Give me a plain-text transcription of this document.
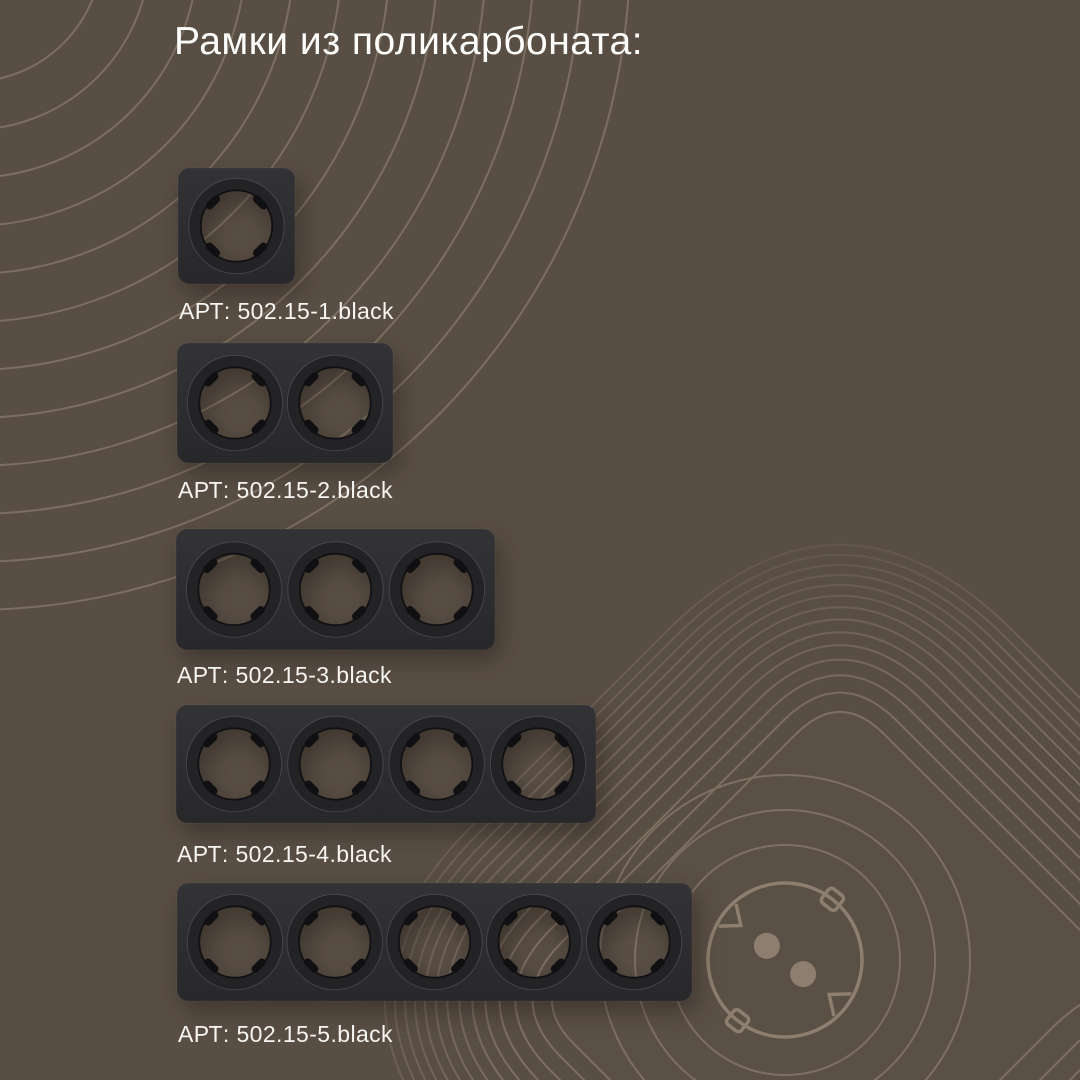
Рамки из поликарбоната:
АРТ: 502.15-1.black
АРТ: 502.15-2.black
АРТ: 502.15-3.black
АРТ: 502.15-4.black
АРТ: 502.15-5.black
